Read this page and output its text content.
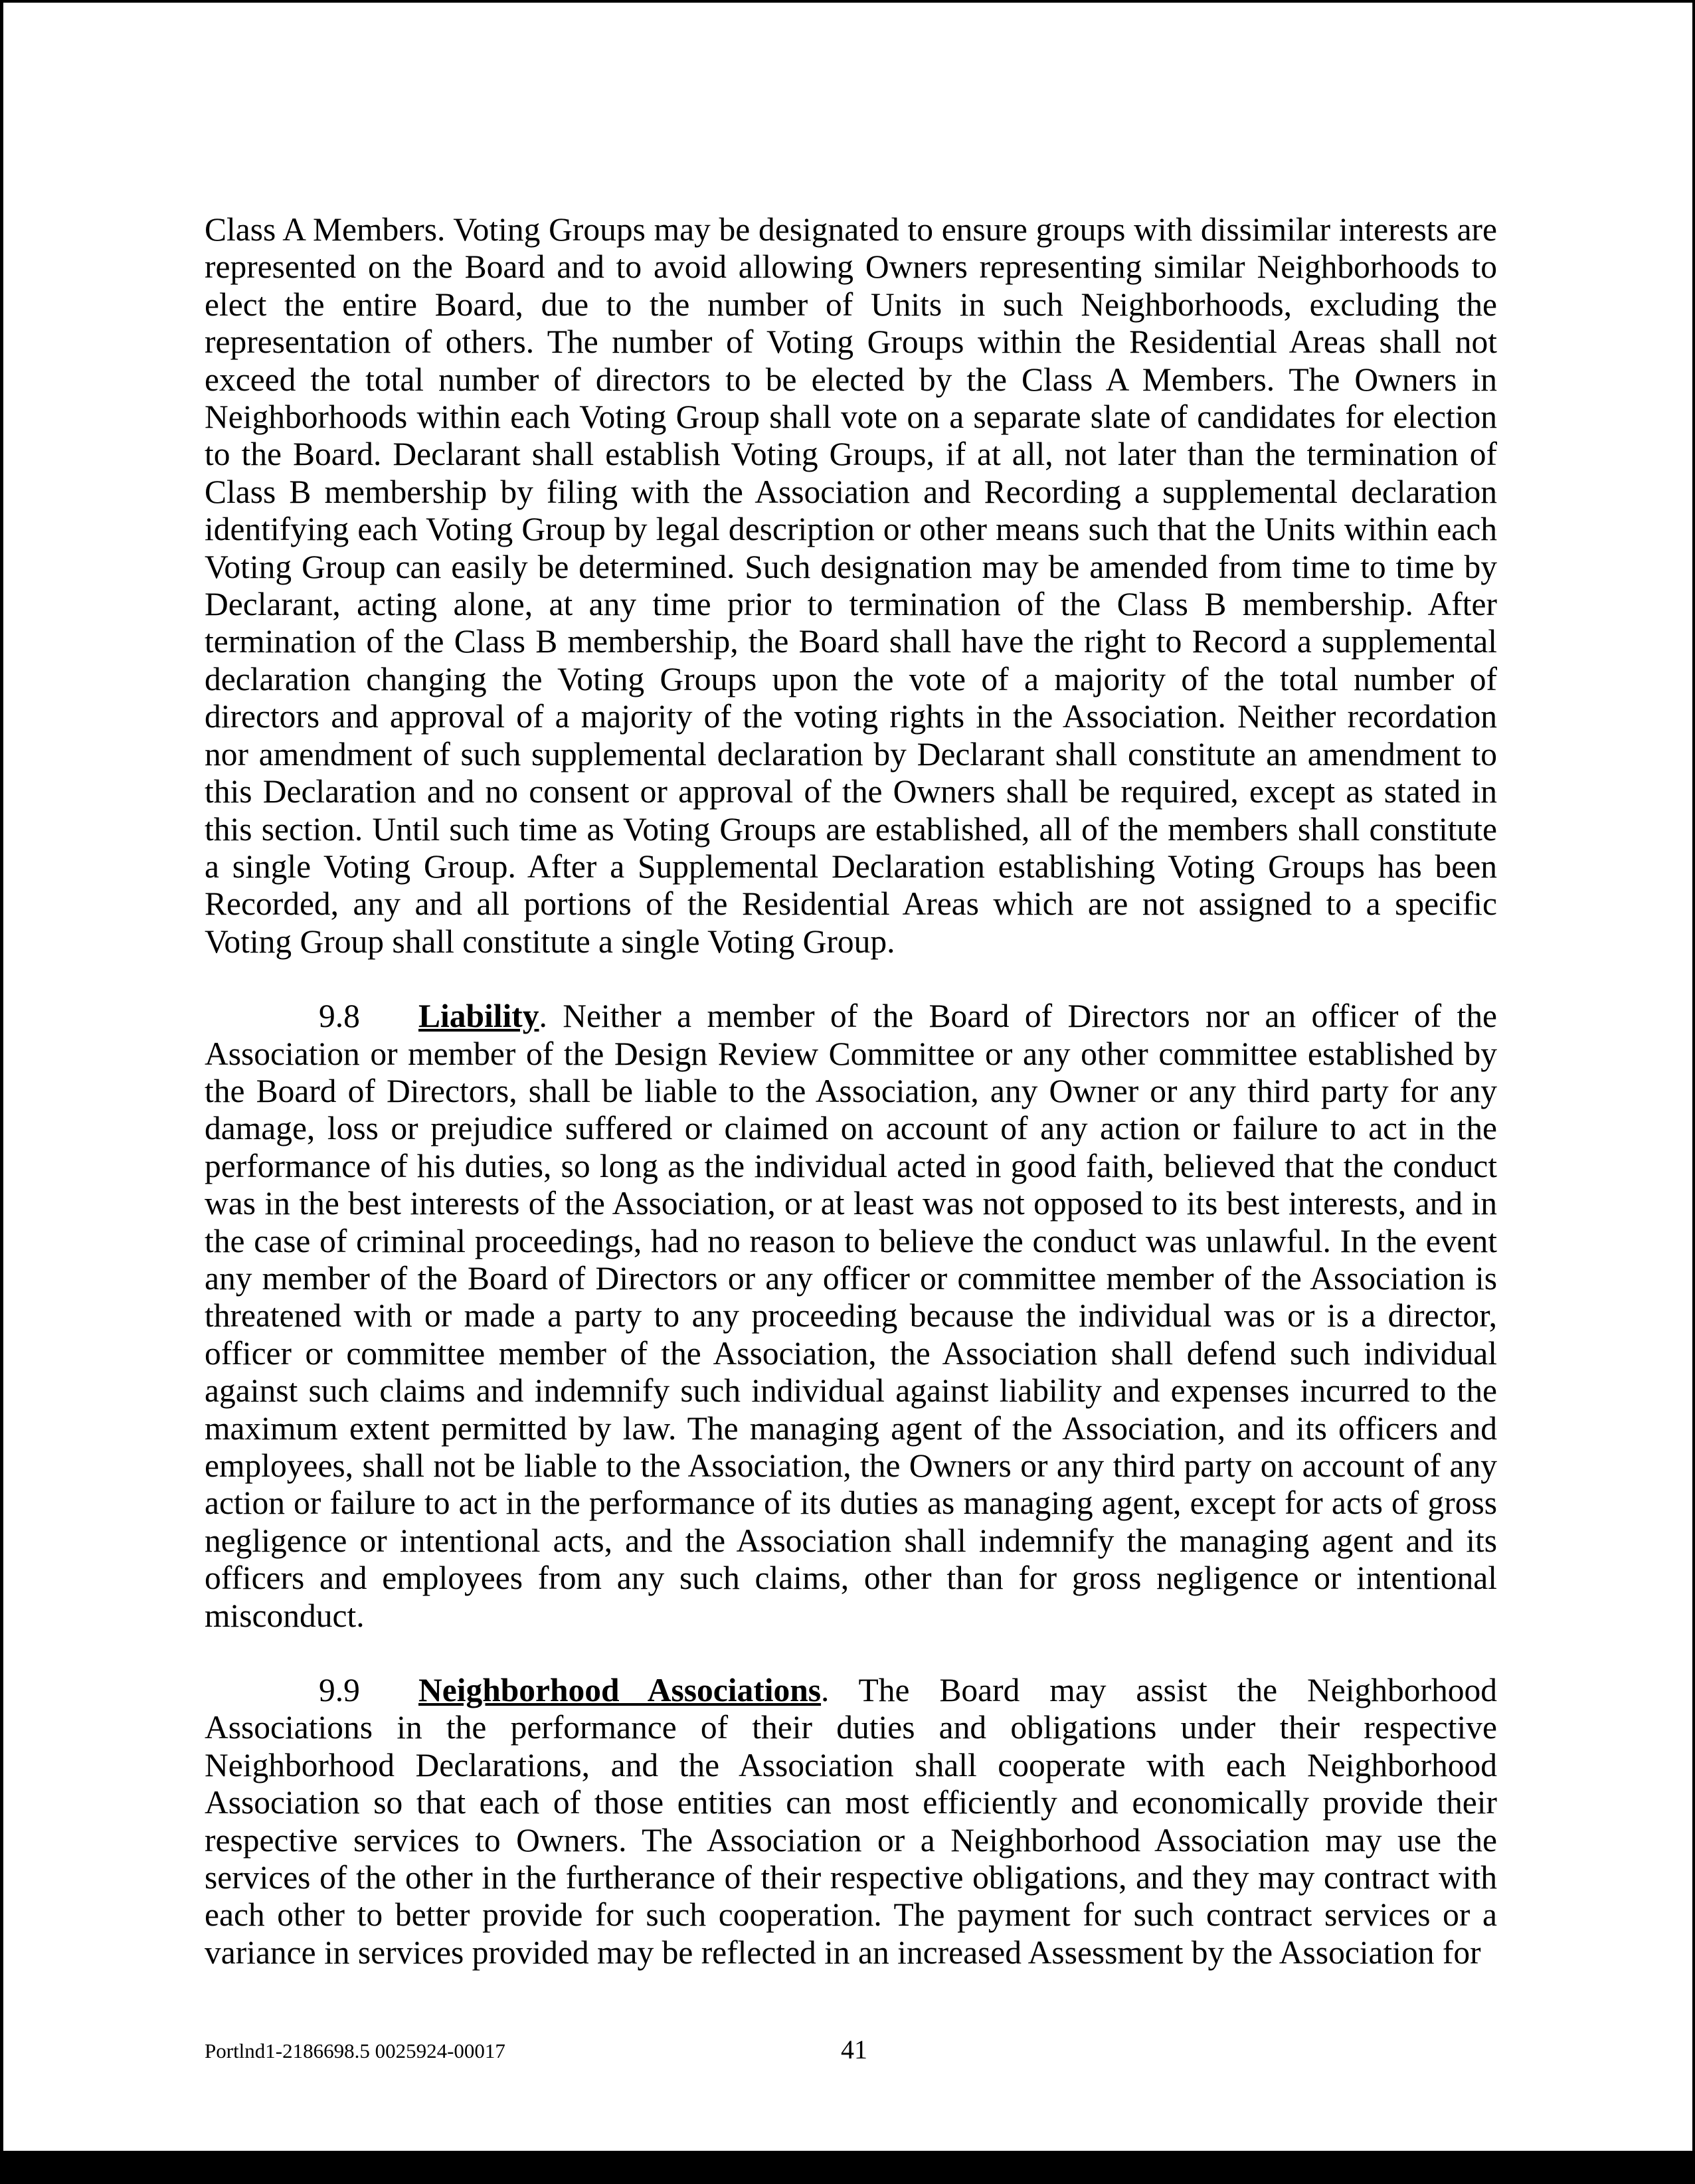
Class A Members. Voting Groups may be designated to ensure groups with dissimilar interests are represented on the Board and to avoid allowing Owners representing similar Neighborhoods to elect the entire Board, due to the number of Units in such Neighborhoods, excluding the representation of others. The number of Voting Groups within the Residential Areas shall not exceed the total number of directors to be elected by the Class A Members. The Owners in Neighborhoods within each Voting Group shall vote on a separate slate of candidates for election to the Board. Declarant shall establish Voting Groups, if at all, not later than the termination of Class B membership by filing with the Association and Recording a supplemental declaration identifying each Voting Group by legal description or other means such that the Units within each Voting Group can easily be determined. Such designation may be amended from time to time by Declarant, acting alone, at any time prior to termination of the Class B membership. After termination of the Class B membership, the Board shall have the right to Record a supplemental declaration changing the Voting Groups upon the vote of a majority of the total number of directors and approval of a majority of the voting rights in the Association. Neither recordation nor amendment of such supplemental declaration by Declarant shall constitute an amendment to this Declaration and no consent or approval of the Owners shall be required, except as stated in this section. Until such time as Voting Groups are established, all of the members shall constitute a single Voting Group. After a Supplemental Declaration establishing Voting Groups has been Recorded, any and all portions of the Residential Areas which are not assigned to a specific Voting Group shall constitute a single Voting Group.

9.8 Liability. Neither a member of the Board of Directors nor an officer of the Association or member of the Design Review Committee or any other committee established by the Board of Directors, shall be liable to the Association, any Owner or any third party for any damage, loss or prejudice suffered or claimed on account of any action or failure to act in the performance of his duties, so long as the individual acted in good faith, believed that the conduct was in the best interests of the Association, or at least was not opposed to its best interests, and in the case of criminal proceedings, had no reason to believe the conduct was unlawful. In the event any member of the Board of Directors or any officer or committee member of the Association is threatened with or made a party to any proceeding because the individual was or is a director, officer or committee member of the Association, the Association shall defend such individual against such claims and indemnify such individual against liability and expenses incurred to the maximum extent permitted by law. The managing agent of the Association, and its officers and employees, shall not be liable to the Association, the Owners or any third party on account of any action or failure to act in the performance of its duties as managing agent, except for acts of gross negligence or intentional acts, and the Association shall indemnify the managing agent and its officers and employees from any such claims, other than for gross negligence or intentional misconduct.

9.9 Neighborhood Associations. The Board may assist the Neighborhood Associations in the performance of their duties and obligations under their respective Neighborhood Declarations, and the Association shall cooperate with each Neighborhood Association so that each of those entities can most efficiently and economically provide their respective services to Owners. The Association or a Neighborhood Association may use the services of the other in the furtherance of their respective obligations, and they may contract with each other to better provide for such cooperation. The payment for such contract services or a variance in services provided may be reflected in an increased Assessment by the Association for

Portlnd1-2186698.5 0025924-00017	41
